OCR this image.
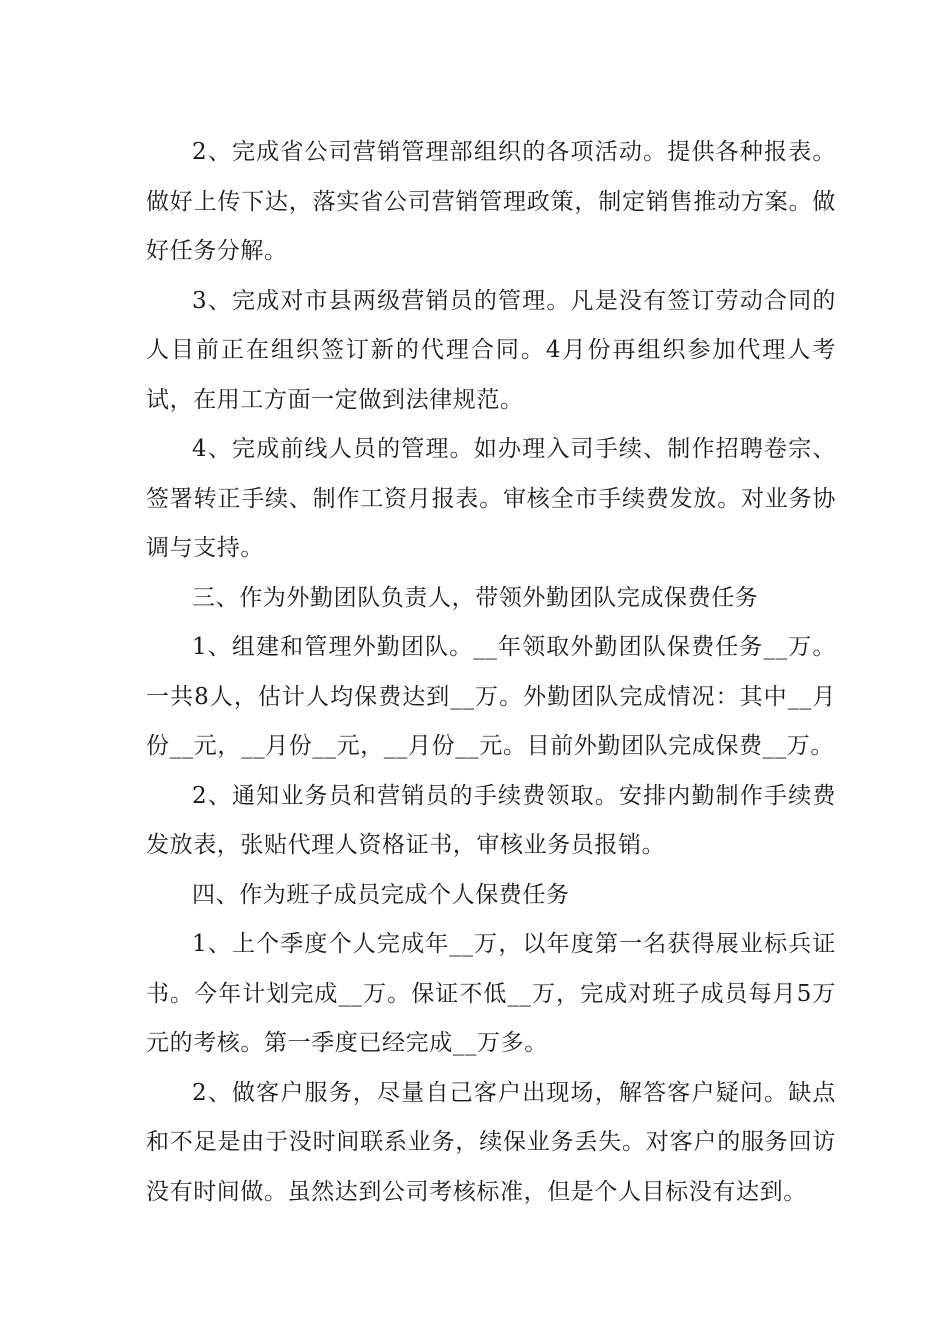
2、完成省公司营销管理部组织的各项活动。提供各种报表。做好上传下达，落实省公司营销管理政策，制定销售推动方案。做好任务分解。

3、完成对市县两级营销员的管理。凡是没有签订劳动合同的人目前正在组织签订新的代理合同。4月份再组织参加代理人考试，在用工方面一定做到法律规范。

4、完成前线人员的管理。如办理入司手续、制作招聘卷宗、签署转正手续、制作工资月报表。审核全市手续费发放。对业务协调与支持。

三、作为外勤团队负责人，带领外勤团队完成保费任务

1、组建和管理外勤团队。__年领取外勤团队保费任务__万。一共8人，估计人均保费达到__万。外勤团队完成情况：其中__月份__元，__月份__元，__月份__元。目前外勤团队完成保费__万。

2、通知业务员和营销员的手续费领取。安排内勤制作手续费发放表，张贴代理人资格证书，审核业务员报销。

四、作为班子成员完成个人保费任务

1、上个季度个人完成年__万，以年度第一名获得展业标兵证书。今年计划完成__万。保证不低__万，完成对班子成员每月5万元的考核。第一季度已经完成__万多。

2、做客户服务，尽量自己客户出现场，解答客户疑问。缺点和不足是由于没时间联系业务，续保业务丢失。对客户的服务回访没有时间做。虽然达到公司考核标准，但是个人目标没有达到。
